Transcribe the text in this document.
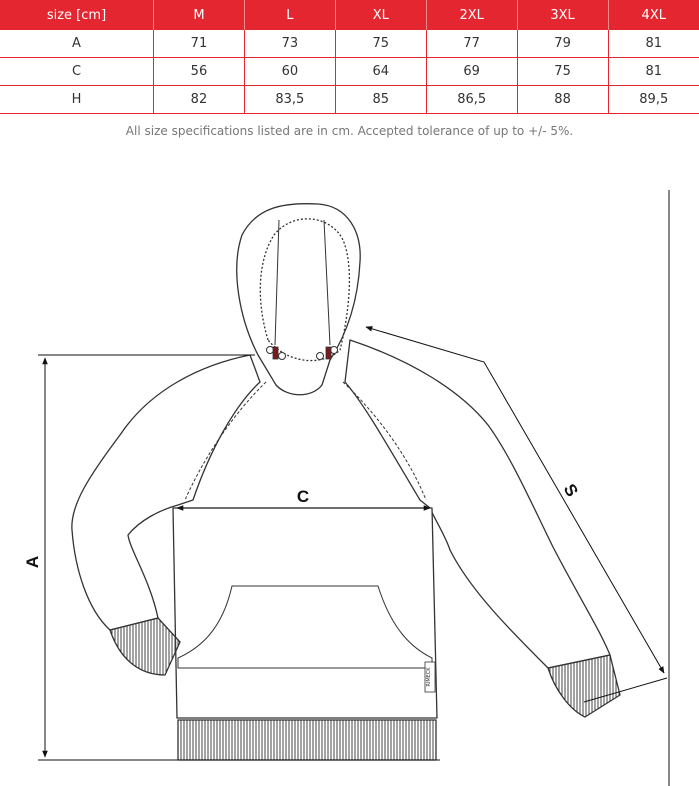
size [cm]	M	L	XL	2XL	3XL	4XL
A	71	73	75	77	79	81
C	56	60	64	69	75	81
H	82	83,5	85	86,5	88	89,5
All size specifications listed are in cm. Accepted tolerance of up to +/- 5%.
RIMECK
A
C	S
